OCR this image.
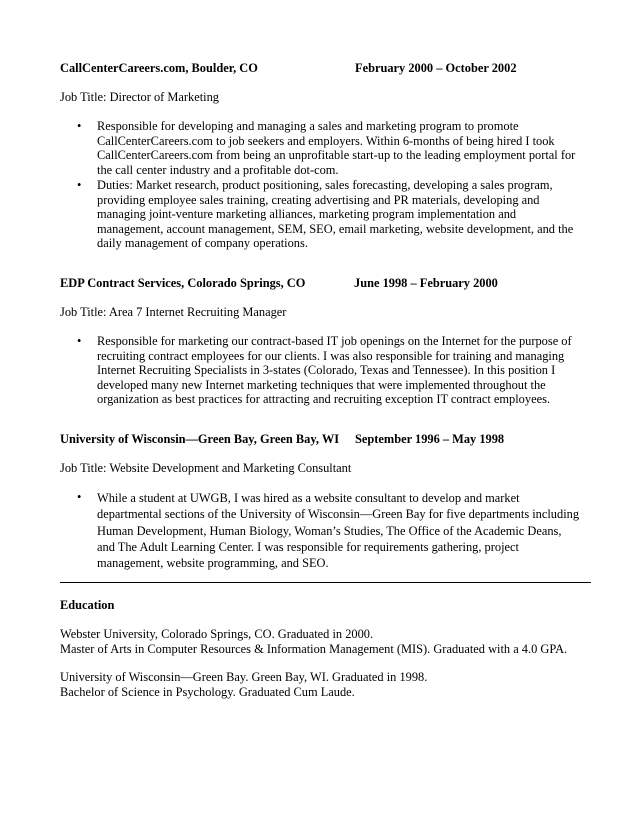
CallCenterCareers.com, Boulder, CO	February 2000 – October 2002
Job Title: Director of Marketing
• Responsible for developing and managing a sales and marketing program to promote CallCenterCareers.com to job seekers and employers. Within 6-months of being hired I took CallCenterCareers.com from being an unprofitable start-up to the leading employment portal for the call center industry and a profitable dot-com.
• Duties: Market research, product positioning, sales forecasting, developing a sales program, providing employee sales training, creating advertising and PR materials, developing and managing joint-venture marketing alliances, marketing program implementation and management, account management, SEM, SEO, email marketing, website development, and the daily management of company operations.
EDP Contract Services, Colorado Springs, CO	June 1998 – February 2000
Job Title: Area 7 Internet Recruiting Manager
• Responsible for marketing our contract-based IT job openings on the Internet for the purpose of recruiting contract employees for our clients. I was also responsible for training and managing Internet Recruiting Specialists in 3-states (Colorado, Texas and Tennessee). In this position I developed many new Internet marketing techniques that were implemented throughout the organization as best practices for attracting and recruiting exception IT contract employees.
University of Wisconsin—Green Bay, Green Bay, WI September 1996 – May 1998
Job Title: Website Development and Marketing Consultant
• While a student at UWGB, I was hired as a website consultant to develop and market departmental sections of the University of Wisconsin—Green Bay for five departments including Human Development, Human Biology, Woman’s Studies, The Office of the Academic Deans, and The Adult Learning Center. I was responsible for requirements gathering, project management, website programming, and SEO.
Education
Webster University, Colorado Springs, CO. Graduated in 2000.
Master of Arts in Computer Resources & Information Management (MIS). Graduated with a 4.0 GPA.
University of Wisconsin—Green Bay. Green Bay, WI. Graduated in 1998.
Bachelor of Science in Psychology. Graduated Cum Laude.
